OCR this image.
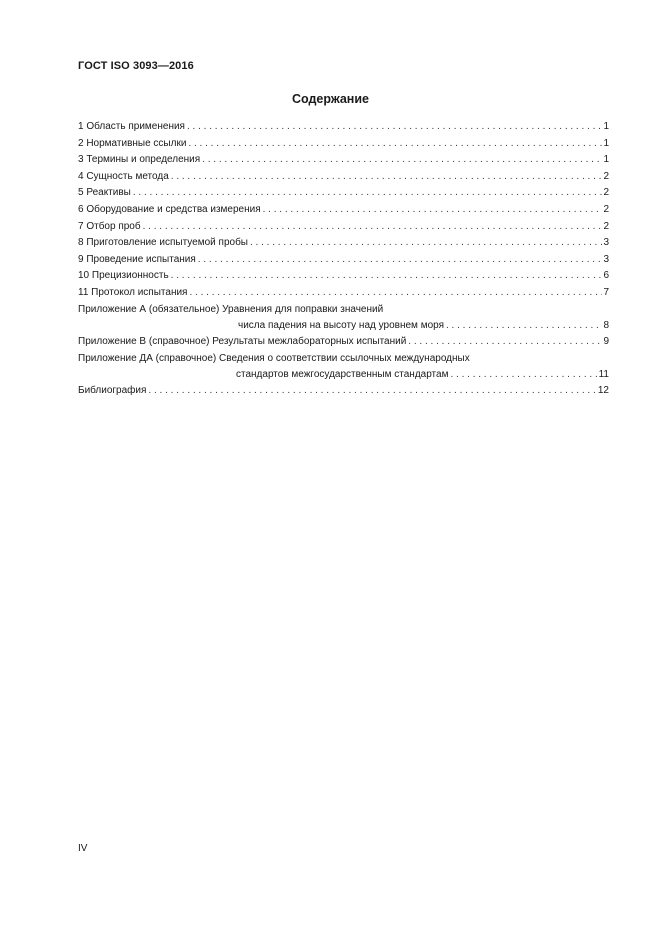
ГОСТ ISO 3093—2016
Содержание
1 Область применения . . .	1
2 Нормативные ссылки . . .	1
3 Термины и определения . . .	1
4 Сущность метода . . .	2
5 Реактивы . . .	2
6 Оборудование и средства измерения . . .	2
7 Отбор проб . . .	2
8 Приготовление испытуемой пробы . . .	3
9 Проведение испытания . . .	3
10 Прецизионность . . .	6
11 Протокол испытания . . .	7
Приложение А (обязательное) Уравнения для поправки значений
числа падения на высоту над уровнем моря . . .	8
Приложение В (справочное) Результаты межлабораторных испытаний . . .	9
Приложение ДА (справочное) Сведения о соответствии ссылочных международных
стандартов межгосударственным стандартам . . .	11
Библиография . . .	12
IV
